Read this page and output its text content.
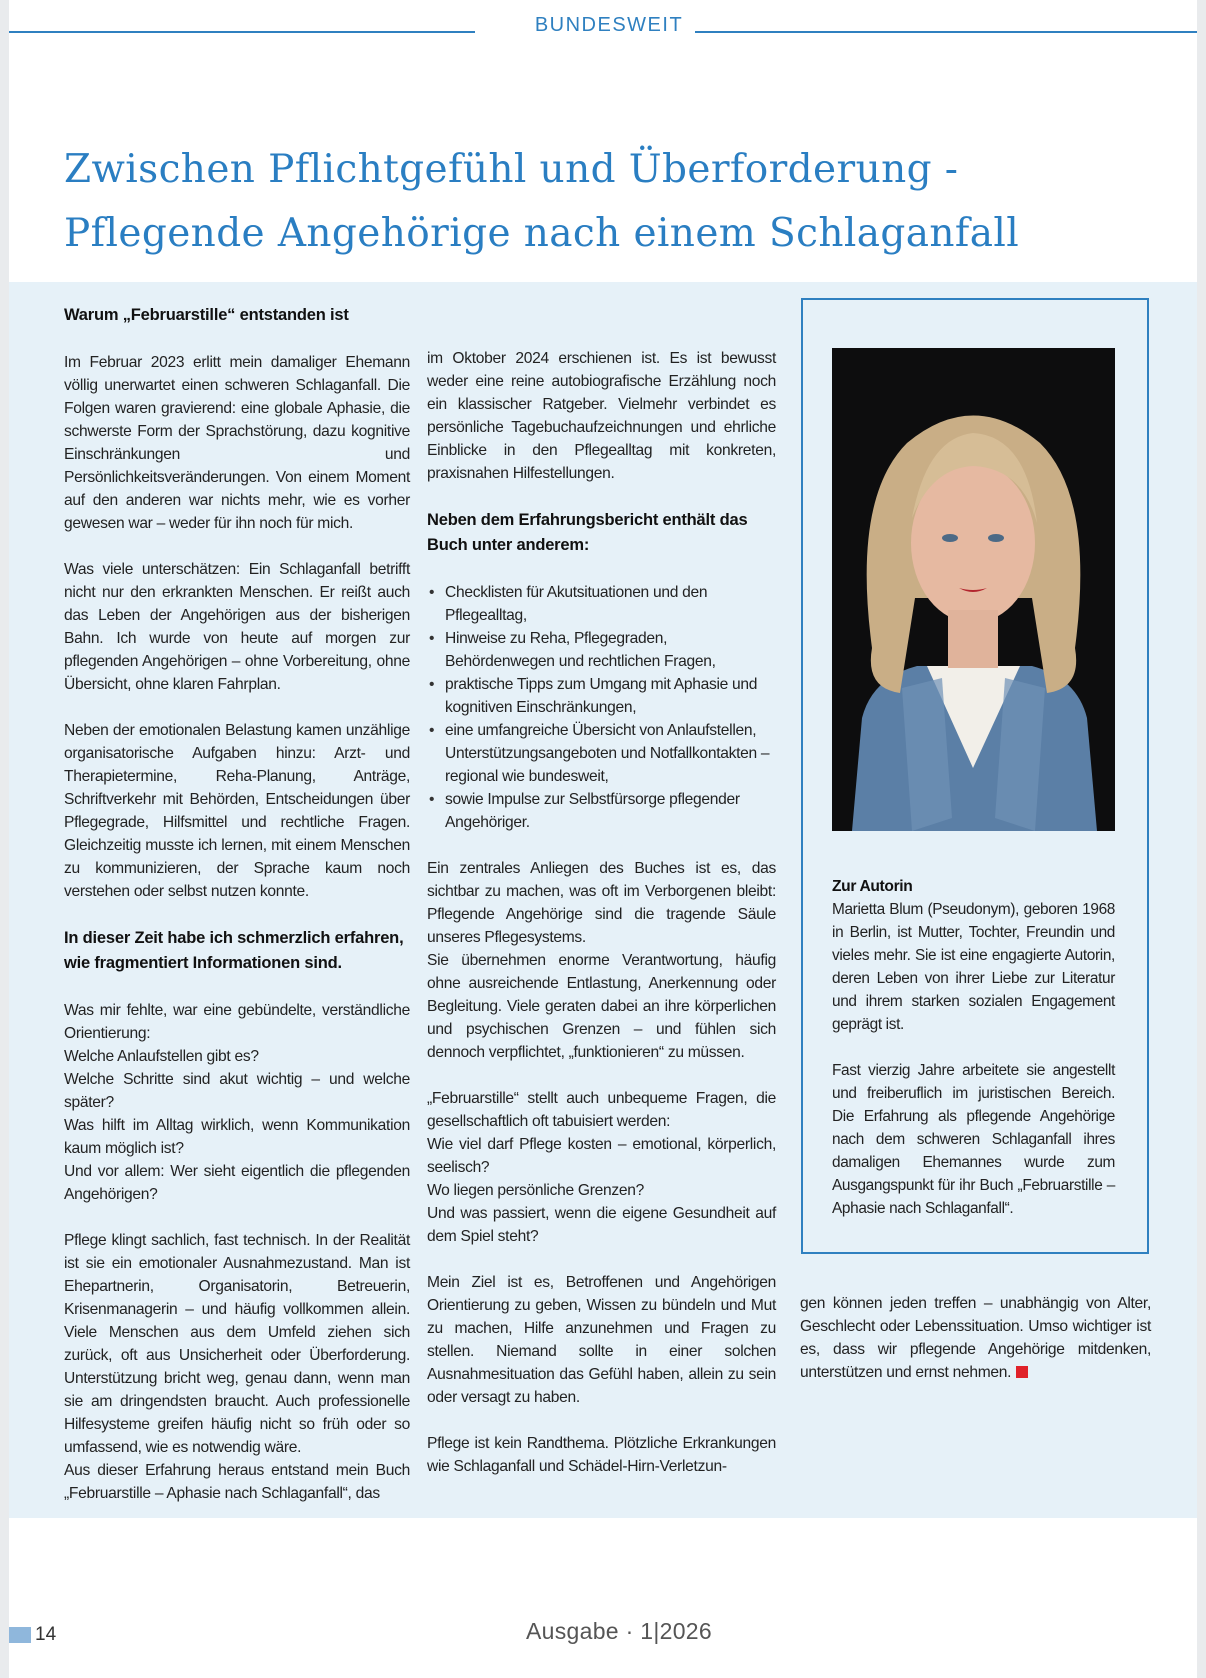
BUNDESWEIT
Zwischen Pflichtgefühl und Überforderung -
Pflegende Angehörige nach einem Schlaganfall
Warum „Februarstille“ entstanden ist

Im Februar 2023 erlitt mein damaliger Ehemann völlig unerwartet einen schweren Schlaganfall. Die Folgen waren gravierend: eine globale Aphasie, die schwerste Form der Sprachstörung, dazu kognitive Einschränkungen und Persönlichkeitsveränderungen. Von einem Moment auf den anderen war nichts mehr, wie es vorher gewesen war – weder für ihn noch für mich.

Was viele unterschätzen: Ein Schlaganfall betrifft nicht nur den erkrankten Menschen. Er reißt auch das Leben der Angehörigen aus der bisherigen Bahn. Ich wurde von heute auf morgen zur pflegenden Angehörigen – ohne Vorbereitung, ohne Übersicht, ohne klaren Fahrplan.

Neben der emotionalen Belastung kamen unzählige organisatorische Aufgaben hinzu: Arzt- und Therapietermine, Reha-Planung, Anträge, Schriftverkehr mit Behörden, Entscheidungen über Pflegegrade, Hilfsmittel und rechtliche Fragen. Gleichzeitig musste ich lernen, mit einem Menschen zu kommunizieren, der Sprache kaum noch verstehen oder selbst nutzen konnte.

In dieser Zeit habe ich schmerzlich erfahren, wie fragmentiert Informationen sind.

Was mir fehlte, war eine gebündelte, verständliche Orientierung:
Welche Anlaufstellen gibt es?
Welche Schritte sind akut wichtig – und welche später?
Was hilft im Alltag wirklich, wenn Kommunikation kaum möglich ist?
Und vor allem: Wer sieht eigentlich die pflegenden Angehörigen?

Pflege klingt sachlich, fast technisch. In der Realität ist sie ein emotionaler Ausnahmezustand. Man ist Ehepartnerin, Organisatorin, Betreuerin, Krisenmanagerin – und häufig vollkommen allein. Viele Menschen aus dem Umfeld ziehen sich zurück, oft aus Unsicherheit oder Überforderung. Unterstützung bricht weg, genau dann, wenn man sie am dringendsten braucht. Auch professionelle Hilfesysteme greifen häufig nicht so früh oder so umfassend, wie es notwendig wäre.

Aus dieser Erfahrung heraus entstand mein Buch „Februarstille – Aphasie nach Schlaganfall“, das

im Oktober 2024 erschienen ist. Es ist bewusst weder eine reine autobiografische Erzählung noch ein klassischer Ratgeber. Vielmehr verbindet es persönliche Tagebuchaufzeichnungen und ehrliche Einblicke in den Pflegealltag mit konkreten, praxisnahen Hilfestellungen.

Neben dem Erfahrungsbericht enthält das Buch unter anderem:
• Checklisten für Akutsituationen und den Pflegealltag,
• Hinweise zu Reha, Pflegegraden, Behördenwegen und rechtlichen Fragen,
• praktische Tipps zum Umgang mit Aphasie und kognitiven Einschränkungen,
• eine umfangreiche Übersicht von Anlaufstellen, Unterstützungsangeboten und Notfallkontakten – regional wie bundesweit,
• sowie Impulse zur Selbstfürsorge pflegender Angehöriger.

Ein zentrales Anliegen des Buches ist es, das sichtbar zu machen, was oft im Verborgenen bleibt: Pflegende Angehörige sind die tragende Säule unseres Pflegesystems.

Sie übernehmen enorme Verantwortung, häufig ohne ausreichende Entlastung, Anerkennung oder Begleitung. Viele geraten dabei an ihre körperlichen und psychischen Grenzen – und fühlen sich dennoch verpflichtet, „funktionieren“ zu müssen.

„Februarstille“ stellt auch unbequeme Fragen, die gesellschaftlich oft tabuisiert werden:
Wie viel darf Pflege kosten – emotional, körperlich, seelisch?
Wo liegen persönliche Grenzen?
Und was passiert, wenn die eigene Gesundheit auf dem Spiel steht?

Mein Ziel ist es, Betroffenen und Angehörigen Orientierung zu geben, Wissen zu bündeln und Mut zu machen, Hilfe anzunehmen und Fragen zu stellen. Niemand sollte in einer solchen Ausnahmesituation das Gefühl haben, allein zu sein oder versagt zu haben.

Pflege ist kein Randthema. Plötzliche Erkrankungen wie Schlaganfall und Schädel-Hirn-Verletzun-

Zur Autorin

Marietta Blum (Pseudonym), geboren 1968 in Berlin, ist Mutter, Tochter, Freundin und vieles mehr. Sie ist eine engagierte Autorin, deren Leben von ihrer Liebe zur Literatur und ihrem starken sozialen Engagement geprägt ist.

Fast vierzig Jahre arbeitete sie angestellt und freiberuflich im juristischen Bereich. Die Erfahrung als pflegende Angehörige nach dem schweren Schlaganfall ihres damaligen Ehemannes wurde zum Ausgangspunkt für ihr Buch „Februarstille – Aphasie nach Schlaganfall“.

gen können jeden treffen – unabhängig von Alter, Geschlecht oder Lebenssituation. Umso wichtiger ist es, dass wir pflegende Angehörige mitdenken, unterstützen und ernst nehmen.

14	Ausgabe · 1|2026
